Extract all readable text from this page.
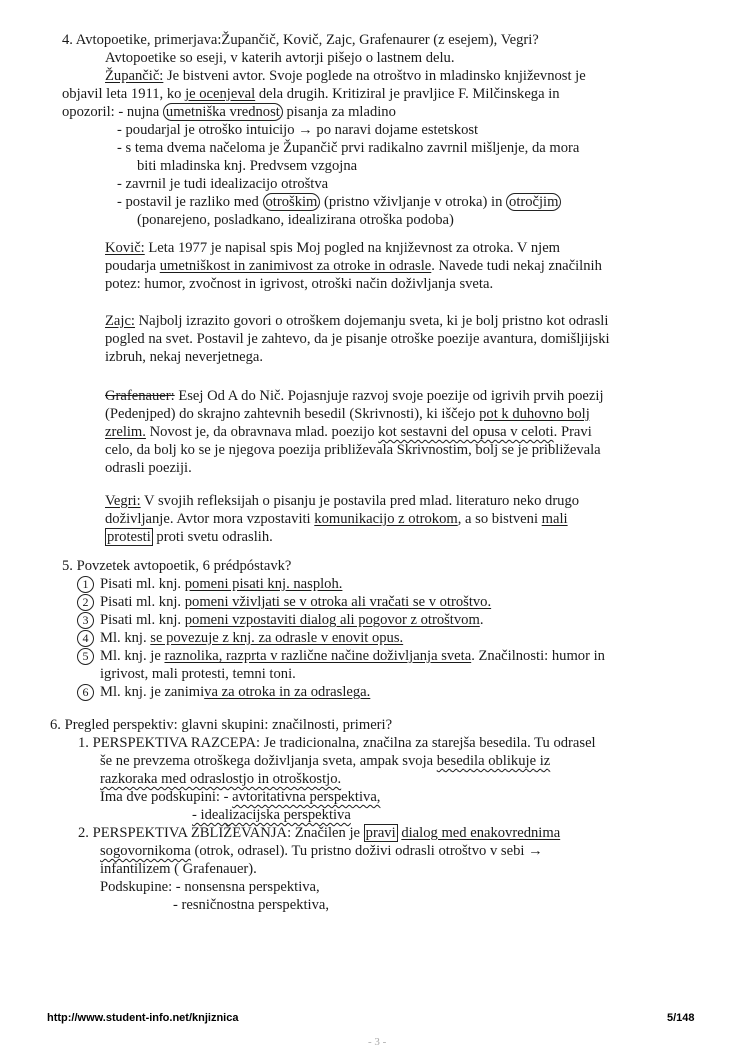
4. Avtopoetike, primerjava:Župančič, Kovič, Zajc, Grafenaurer (z esejem), Vegri?
Avtopoetike so eseji, v katerih avtorji pišejo o lastnem delu.
Župančič: Je bistveni avtor. Svoje poglede na otroštvo in mladinsko književnost je
objavil leta 1911, ko je ocenjeval dela drugih. Kritiziral je pravljice F. Milčinskega in
opozoril: - nujna umetniška vrednost pisanja za mladino
- poudarjal je otroško intuicijo → po naravi dojame estetskost
- s tema dvema načeloma je Župančič prvi radikalno zavrnil mišljenje, da mora
biti mladinska knj. Predvsem vzgojna
- zavrnil je tudi idealizacijo otroštva
- postavil je razliko med otroškim (pristno vživljanje v otroka) in otročjim
(ponarejeno, posladkano, idealizirana otroška podoba)
Kovič: Leta 1977 je napisal spis Moj pogled na književnost za otroka. V njem
poudarja umetniškost in zanimivost za otroke in odrasle. Navede tudi nekaj značilnih
potez: humor, zvočnost in igrivost, otroški način doživljanja sveta.
Zajc: Najbolj izrazito govori o otroškem dojemanju sveta, ki je bolj pristno kot odrasli
pogled na svet. Postavil je zahtevo, da je pisanje otroške poezije avantura, domišljijski
izbruh, nekaj neverjetnega.
Grafenauer: Esej Od A do Nič. Pojasnjuje razvoj svoje poezije od igrivih prvih poezij
(Pedenjped) do skrajno zahtevnih besedil (Skrivnosti), ki iščejo pot k duhovno bolj
zrelim. Novost je, da obravnava mlad. poezijo kot sestavni del opusa v celoti. Pravi
celo, da bolj ko se je njegova poezija približevala Skrivnostim, bolj se je približevala
odrasli poeziji.
Vegri: V svojih refleksijah o pisanju je postavila pred mlad. literaturo neko drugo
doživljanje. Avtor mora vzpostaviti komunikacijo z otrokom, a so bistveni mali
protesti proti svetu odraslih.
5. Povzetek avtopoetik, 6 prédpóstavk?
1 Pisati ml. knj. pomeni pisati knj. nasploh.
2 Pisati ml. knj. pomeni vživljati se v otroka ali vračati se v otroštvo.
3 Pisati ml. knj. pomeni vzpostaviti dialog ali pogovor z otroštvom.
4 Ml. knj. se povezuje z knj. za odrasle v enovit opus.
5 Ml. knj. je raznolika, razprta v različne načine doživljanja sveta. Značilnosti: humor in
igrivost, mali protesti, temni toni.
6 Ml. knj. je zanimiva za otroka in za odraslega.
6. Pregled perspektiv: glavni skupini: značilnosti, primeri?
1. PERSPEKTIVA RAZCEPA: Je tradicionalna, značilna za starejša besedila. Tu odrasel
še ne prevzema otroškega doživljanja sveta, ampak svoja besedila oblikuje iz
razkoraka med odraslostjo in otroškostjo.
Ima dve podskupini: - avtoritativna perspektiva,
- idealizacijska perspektiva
2. PERSPEKTIVA ZBLIŽEVANJA: Značilen je pravi dialog med enakovrednima
sogovornikoma (otrok, odrasel). Tu pristno doživi odrasli otroštvo v sebi →
infantilizem ( Grafenauer).
Podskupine: - nonsensna perspektiva,
- resničnostna perspektiva,
http://www.student-info.net/knjiznica	5/148
- 3 -
